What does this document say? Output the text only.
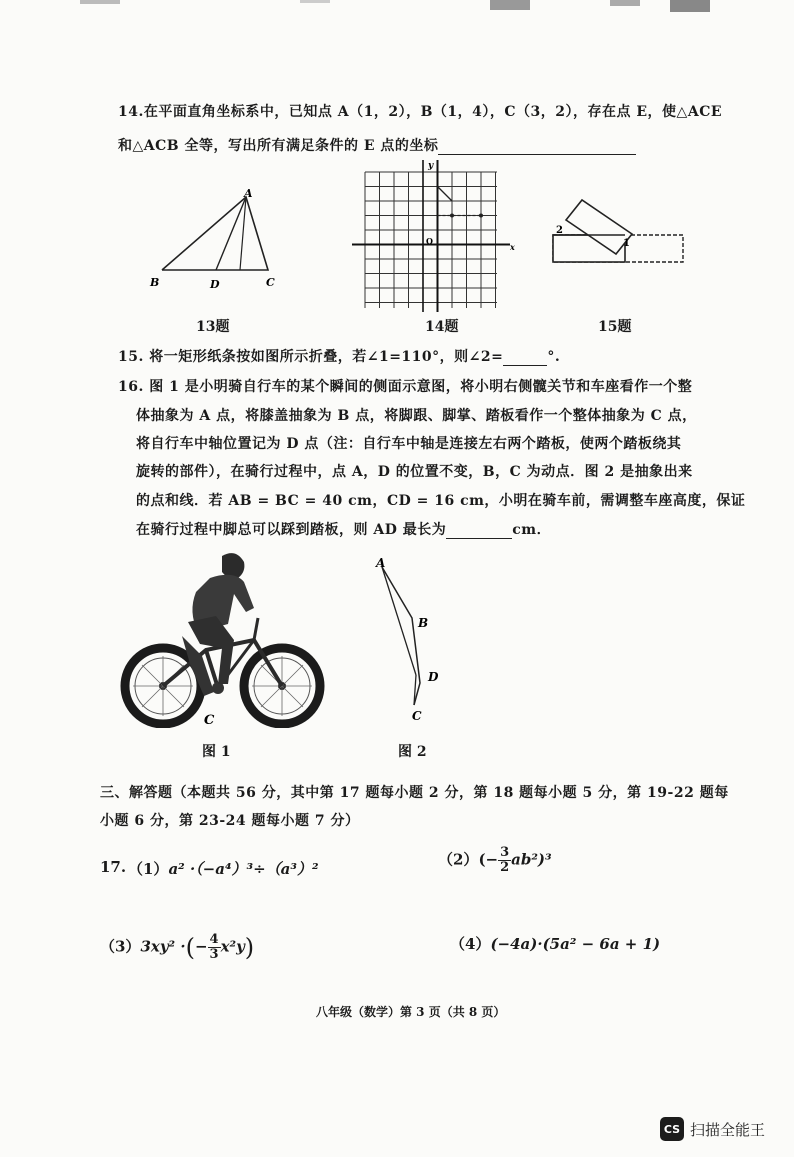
14.在平面直角坐标系中，已知点 A（1，2），B（1，4），C（3，2），存在点 E，使△ACE
和△ACB 全等，写出所有满足条件的 E 点的坐标
A
B	D	C
y
O
x
2
1
13题	14题	15题
15. 将一矩形纸条按如图所示折叠，若∠1=110°，则∠2=	°.
16. 图 1 是小明骑自行车的某个瞬间的侧面示意图，将小明右侧髋关节和车座看作一个整
体抽象为 A 点，将膝盖抽象为 B 点，将脚跟、脚掌、踏板看作一个整体抽象为 C 点，
将自行车中轴位置记为 D 点（注：自行车中轴是连接左右两个踏板，使两个踏板绕其
旋转的部件），在骑行过程中，点 A，D 的位置不变，B，C 为动点．图 2 是抽象出来
的点和线．若 AB = BC = 40 cm，CD = 16 cm，小明在骑车前，需调整车座高度，保证
在骑行过程中脚总可以踩到踏板，则 AD 最长为	cm．
C
A
B
D
C
图 1	图 2
三、解答题（本题共 56 分，其中第 17 题每小题 2 分，第 18 题每小题 5 分，第 19-22 题每
小题 6 分，第 23-24 题每小题 7 分）
17. （1）a² ·（−a⁴）³÷（a³）²
$(2)(- \frac{3}{2} ab^2)^3$
（3）3xy² ·(− $\frac{4}{3} x^2y$)	（4）(−4a)·(5a² − 6a + 1)
八年级（数学）第 3 页（共 8 页）
CS 扫描全能王
